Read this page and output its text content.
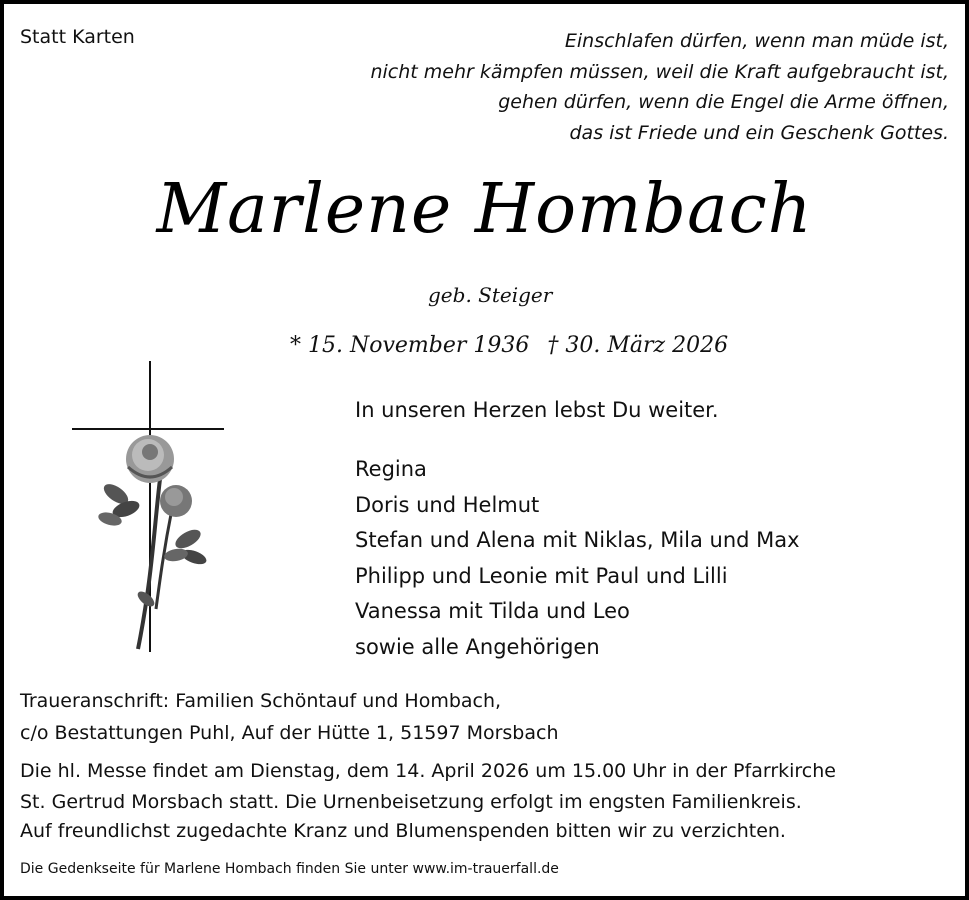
Statt Karten	Einschlafen dürfen, wenn man müde ist,
nicht mehr kämpfen müssen, weil die Kraft aufgebraucht ist,
gehen dürfen, wenn die Engel die Arme öffnen,
das ist Friede und ein Geschenk Gottes.
Marlene Hombach
geb. Steiger
* 15. November 1936 † 30. März 2026
In unseren Herzen lebst Du weiter.
Regina
Doris und Helmut
Stefan und Alena mit Niklas, Mila und Max
Philipp und Leonie mit Paul und Lilli
Vanessa mit Tilda und Leo
sowie alle Angehörigen
Traueranschrift: Familien Schöntauf und Hombach,
c/o Bestattungen Puhl, Auf der Hütte 1, 51597 Morsbach
Die hl. Messe findet am Dienstag, dem 14. April 2026 um 15.00 Uhr in der Pfarrkirche
St. Gertrud Morsbach statt. Die Urnenbeisetzung erfolgt im engsten Familienkreis.
Auf freundlichst zugedachte Kranz und Blumenspenden bitten wir zu verzichten.
Die Gedenkseite für Marlene Hombach finden Sie unter www.im-trauerfall.de
